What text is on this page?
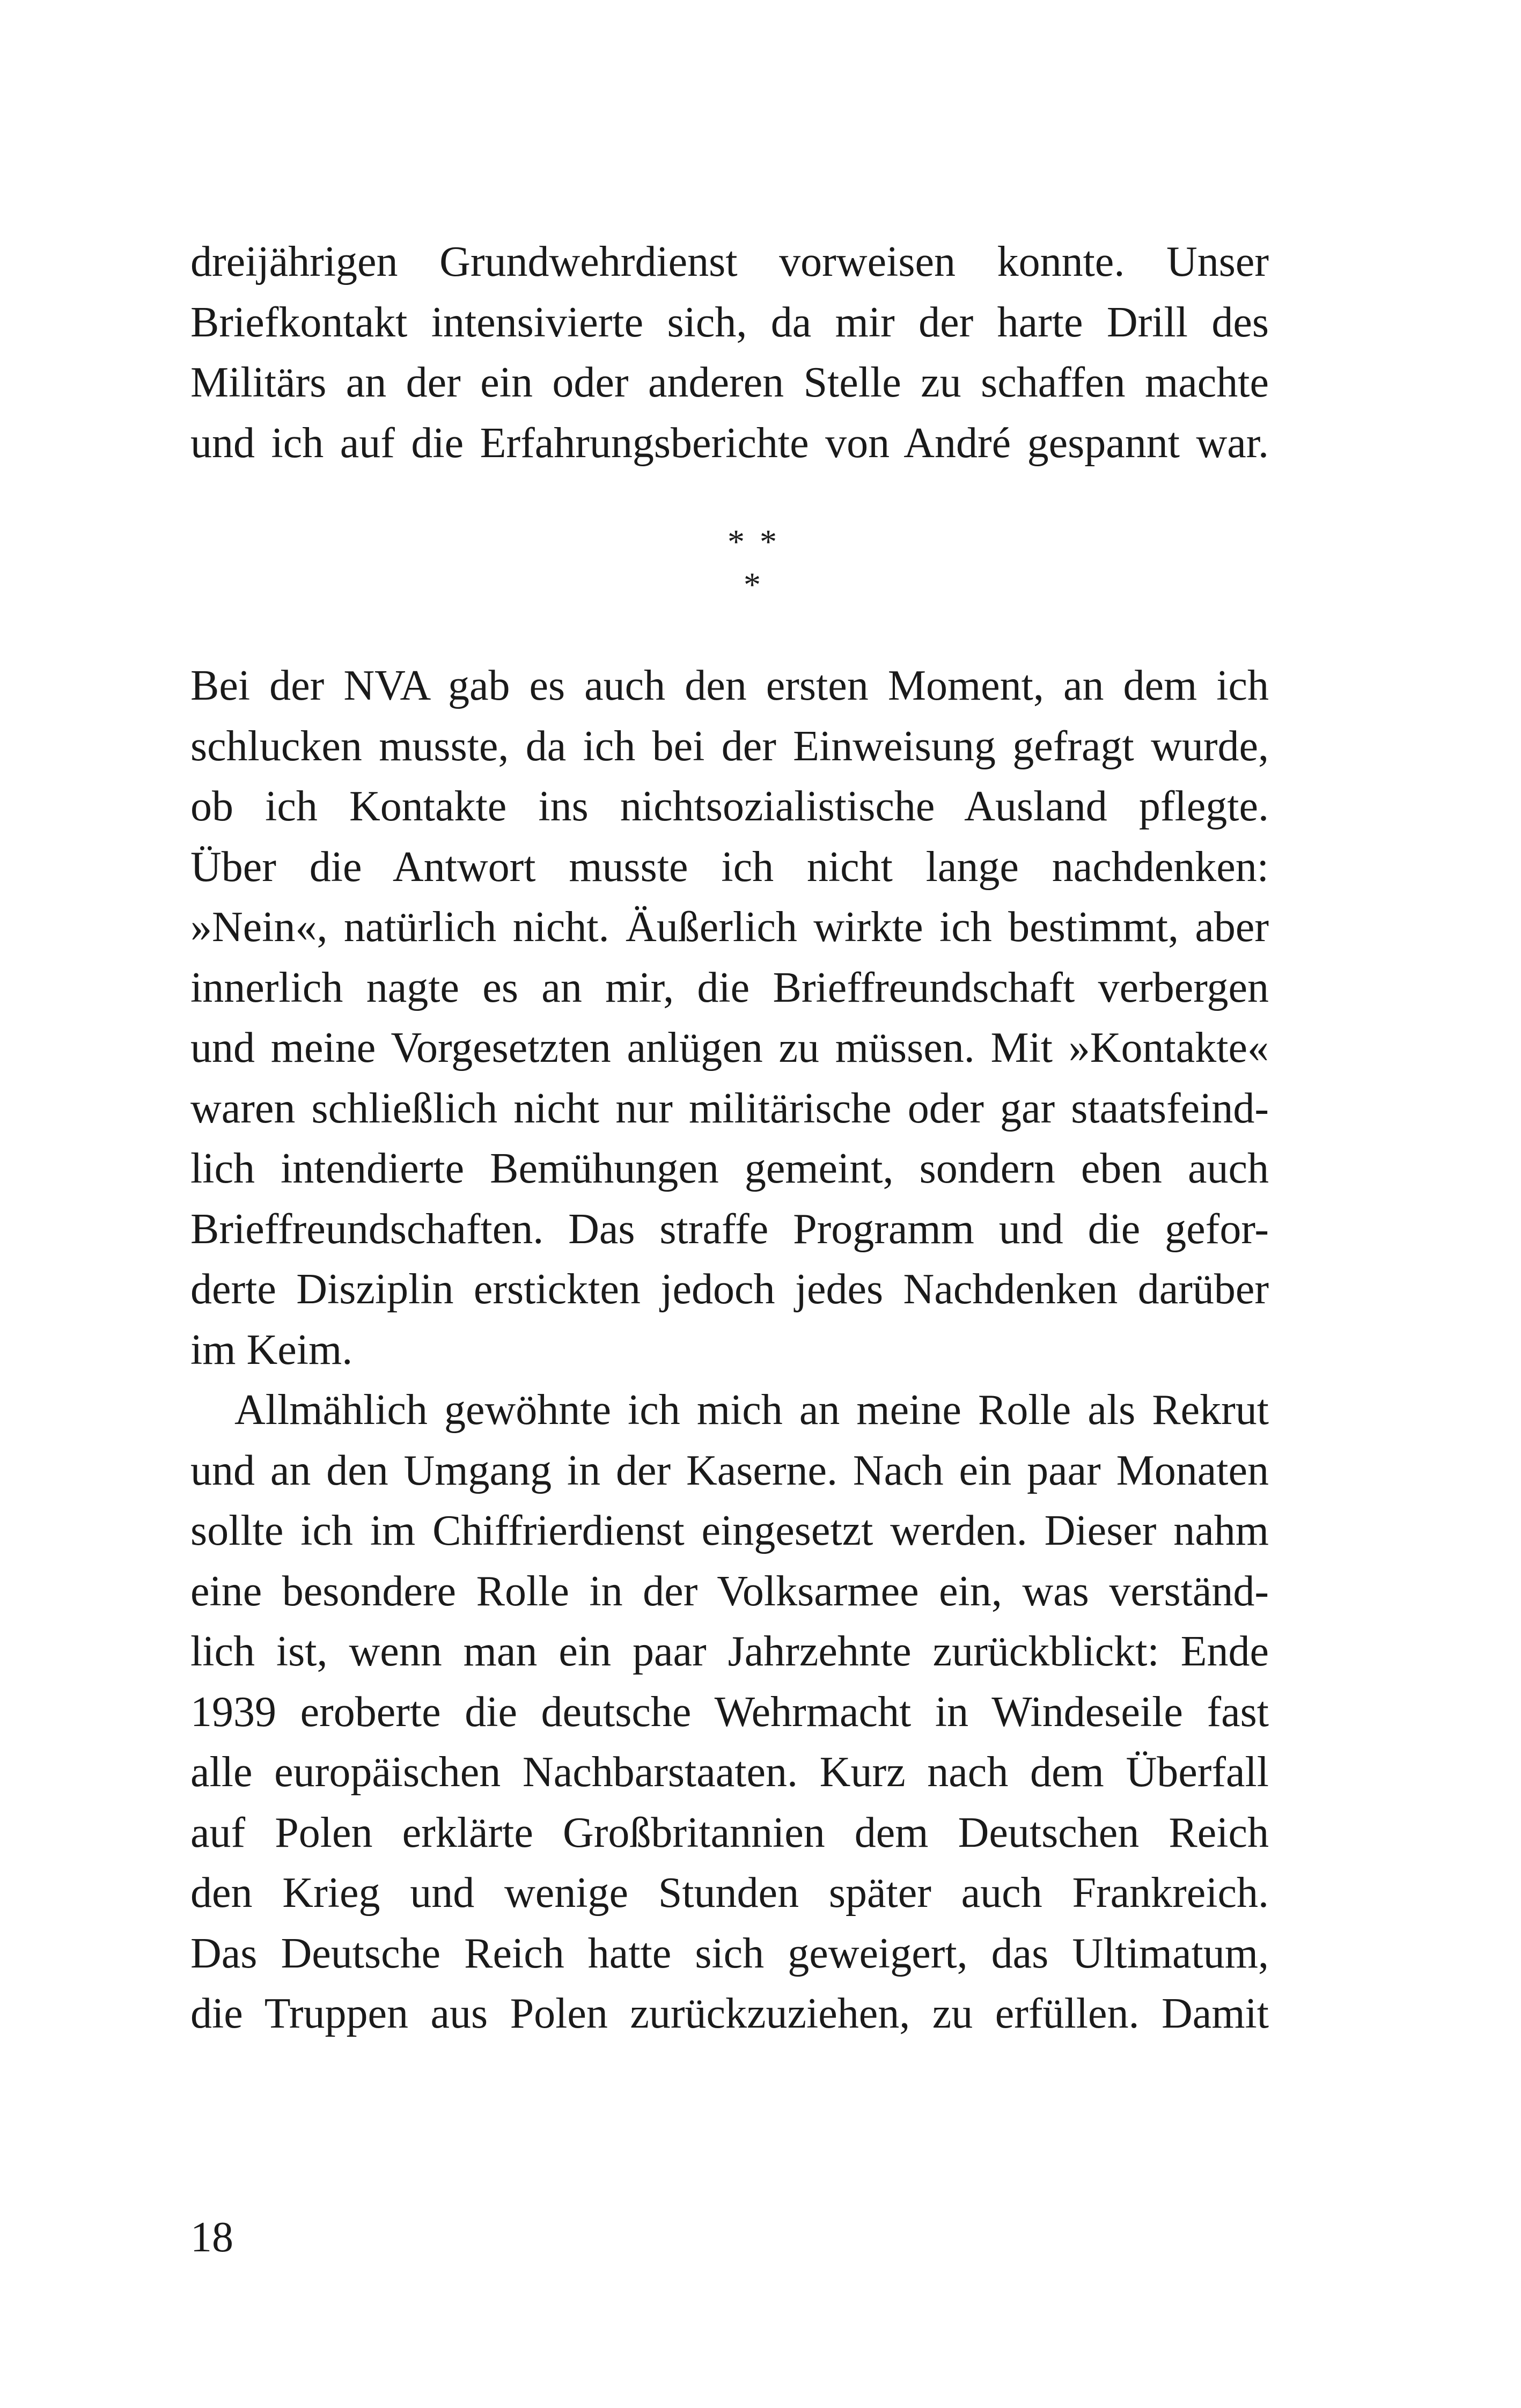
dreijährigen Grundwehrdienst vorweisen konnte. Unser
Briefkontakt intensivierte sich, da mir der harte Drill des
Militärs an der ein oder anderen Stelle zu schaffen machte
und ich auf die Erfahrungsberichte von André gespannt war.
* * *
Bei der NVA gab es auch den ersten Moment, an dem ich
schlucken musste, da ich bei der Einweisung gefragt wurde,
ob ich Kontakte ins nichtsozialistische Ausland pflegte.
Über die Antwort musste ich nicht lange nachdenken:
»Nein«, natürlich nicht. Äußerlich wirkte ich bestimmt, aber
innerlich nagte es an mir, die Brieffreundschaft verbergen
und meine Vorgesetzten anlügen zu müssen. Mit »Kontakte«
waren schließlich nicht nur militärische oder gar staatsfeind-
lich intendierte Bemühungen gemeint, sondern eben auch
Brieffreundschaften. Das straffe Programm und die gefor-
derte Disziplin erstickten jedoch jedes Nachdenken darüber
im Keim.
Allmählich gewöhnte ich mich an meine Rolle als Rekrut
und an den Umgang in der Kaserne. Nach ein paar Monaten
sollte ich im Chiffrierdienst eingesetzt werden. Dieser nahm
eine besondere Rolle in der Volksarmee ein, was verständ-
lich ist, wenn man ein paar Jahrzehnte zurückblickt: Ende
1939 eroberte die deutsche Wehrmacht in Windeseile fast
alle europäischen Nachbarstaaten. Kurz nach dem Überfall
auf Polen erklärte Großbritannien dem Deutschen Reich
den Krieg und wenige Stunden später auch Frankreich.
Das Deutsche Reich hatte sich geweigert, das Ultimatum,
die Truppen aus Polen zurückzuziehen, zu erfüllen. Damit
18
